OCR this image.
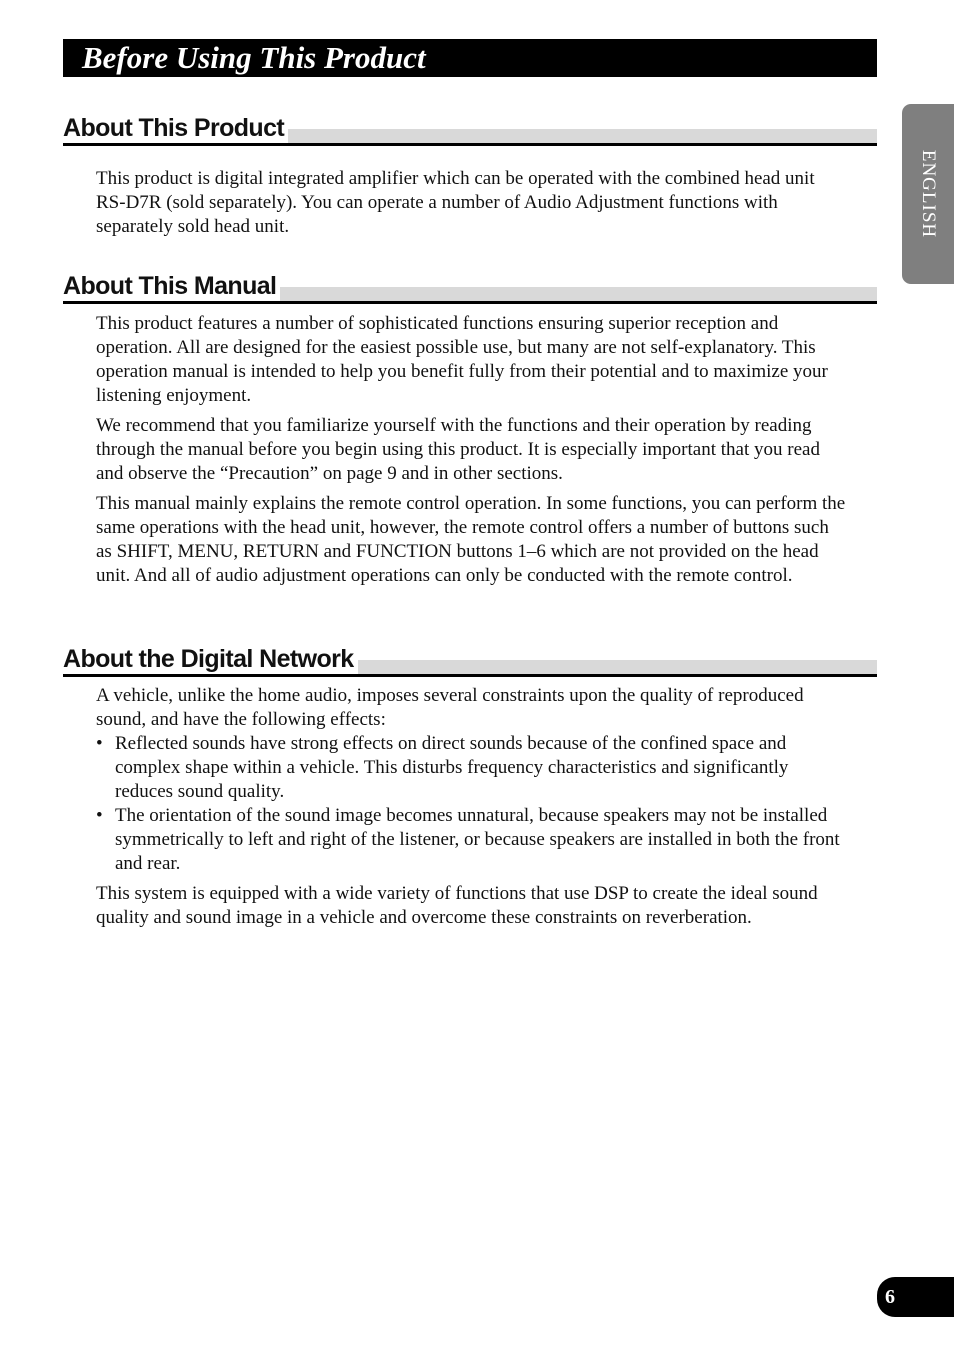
Before Using This Product
ENGLISH
About This Product

This product is digital integrated amplifier which can be operated with the combined head unit RS-D7R (sold separately). You can operate a number of Audio Adjustment functions with separately sold head unit.

About This Manual

This product features a number of sophisticated functions ensuring superior reception and operation. All are designed for the easiest possible use, but many are not self-explanatory. This operation manual is intended to help you benefit fully from their potential and to maximize your listening enjoyment.

We recommend that you familiarize yourself with the functions and their operation by reading through the manual before you begin using this product. It is especially important that you read and observe the “Precaution” on page 9 and in other sections.

This manual mainly explains the remote control operation. In some functions, you can perform the same operations with the head unit, however, the remote control offers a number of buttons such as SHIFT, MENU, RETURN and FUNCTION buttons 1–6 which are not provided on the head unit. And all of audio adjustment operations can only be conducted with the remote control.

About the Digital Network

A vehicle, unlike the home audio, imposes several constraints upon the quality of reproduced sound, and have the following effects:

• Reflected sounds have strong effects on direct sounds because of the confined space and complex shape within a vehicle. This disturbs frequency characteristics and significantly reduces sound quality.
• The orientation of the sound image becomes unnatural, because speakers may not be installed symmetrically to left and right of the listener, or because speakers are installed in both the front and rear.

This system is equipped with a wide variety of functions that use DSP to create the ideal sound quality and sound image in a vehicle and overcome these constraints on reverberation.

6
